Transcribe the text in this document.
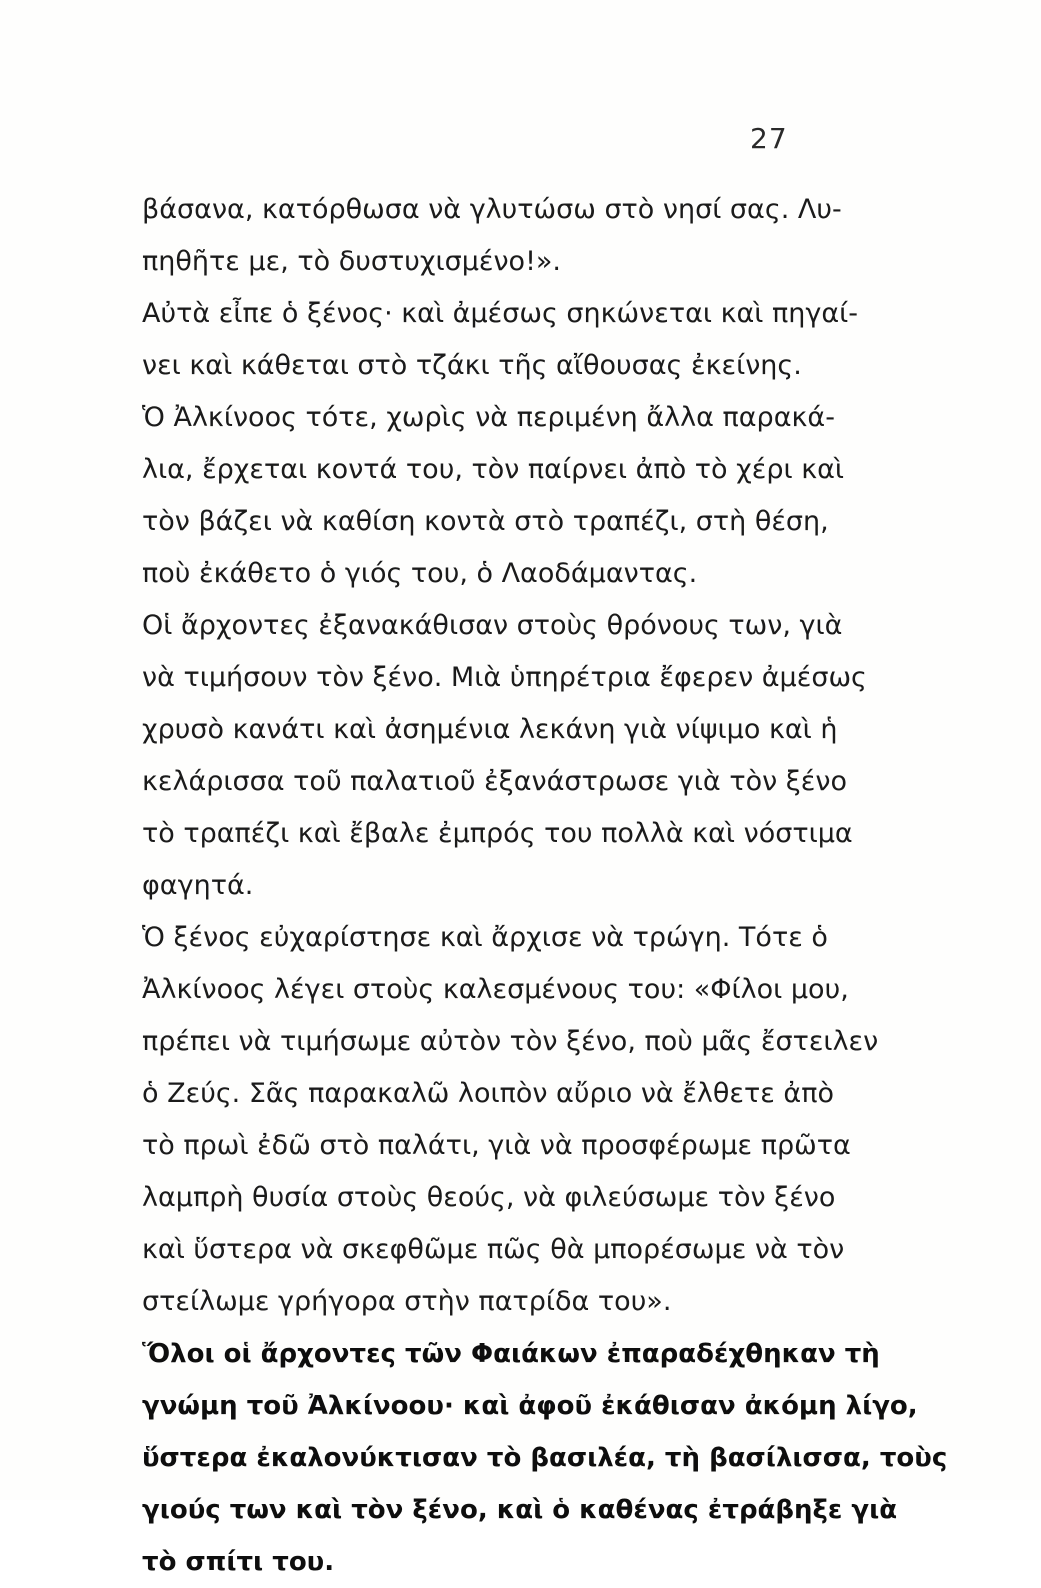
27
βάσανα, κατόρθωσα νὰ γλυτώσω στὸ νησί σας. Λυ-
πηθῆτε με, τὸ δυστυχισμένο!».
Αὐτὰ εἶπε ὁ ξένος· καὶ ἀμέσως σηκώνεται καὶ πηγαί-
νει καὶ κάθεται στὸ τζάκι τῆς αἴθουσας ἐκείνης.
Ὁ Ἀλκίνοος τότε, χωρὶς νὰ περιμένη ἄλλα παρακά-
λια, ἔρχεται κοντά του, τὸν παίρνει ἀπὸ τὸ χέρι καὶ
τὸν βάζει νὰ καθίση κοντὰ στὸ τραπέζι, στὴ θέση,
ποὺ ἐκάθετο ὁ γιός του, ὁ Λαοδάμαντας.
Οἱ ἄρχοντες ἐξανακάθισαν στοὺς θρόνους των, γιὰ
νὰ τιμήσουν τὸν ξένο. Μιὰ ὑπηρέτρια ἔφερεν ἀμέσως
χρυσὸ κανάτι καὶ ἀσημένια λεκάνη γιὰ νίψιμο καὶ ἡ
κελάρισσα τοῦ παλατιοῦ ἐξανάστρωσε γιὰ τὸν ξένο
τὸ τραπέζι καὶ ἔβαλε ἐμπρός του πολλὰ καὶ νόστιμα
φαγητά.
Ὁ ξένος εὐχαρίστησε καὶ ἄρχισε νὰ τρώγη. Τότε ὁ
Ἀλκίνοος λέγει στοὺς καλεσμένους του: «Φίλοι μου,
πρέπει νὰ τιμήσωμε αὐτὸν τὸν ξένο, ποὺ μᾶς ἔστειλεν
ὁ Ζεύς. Σᾶς παρακαλῶ λοιπὸν αὔριο νὰ ἔλθετε ἀπὸ
τὸ πρωὶ ἐδῶ στὸ παλάτι, γιὰ νὰ προσφέρωμε πρῶτα
λαμπρὴ θυσία στοὺς θεούς, νὰ φιλεύσωμε τὸν ξένο
καὶ ὕστερα νὰ σκεφθῶμε πῶς θὰ μπορέσωμε νὰ τὸν
στείλωμε γρήγορα στὴν πατρίδα του».
Ὅλοι οἱ ἄρχοντες τῶν Φαιάκων ἐπαραδέχθηκαν τὴ
γνώμη τοῦ Ἀλκίνοου· καὶ ἀφοῦ ἐκάθισαν ἀκόμη λίγο,
ὕστερα ἐκαλονύκτισαν τὸ βασιλέα, τὴ βασίλισσα, τοὺς
γιούς των καὶ τὸν ξένο, καὶ ὁ καθένας ἐτράβηξε γιὰ
τὸ σπίτι του.
